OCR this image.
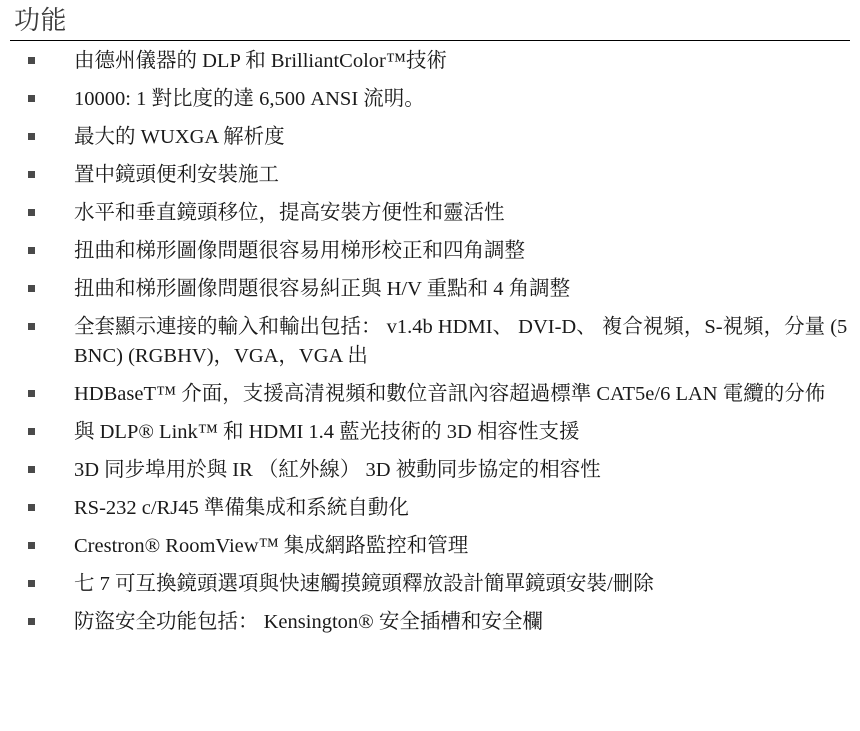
功能
由德州儀器的 DLP 和 BrilliantColor™技術
10000: 1 對比度的達 6,500 ANSI 流明。
最大的 WUXGA 解析度
置中鏡頭便利安裝施工
水平和垂直鏡頭移位，提高安裝方便性和靈活性
扭曲和梯形圖像問題很容易用梯形校正和四角調整
扭曲和梯形圖像問題很容易糾正與 H/V 重點和 4 角調整
全套顯示連接的輸入和輸出包括： v1.4b HDMI、 DVI-D、 複合視頻，S-視頻，分量 (5 BNC) (RGBHV)，VGA，VGA 出
HDBaseT™ 介面，支援高清視頻和數位音訊內容超過標準 CAT5e/6 LAN 電纜的分佈
與 DLP® Link™ 和 HDMI 1.4 藍光技術的 3D 相容性支援
3D 同步埠用於與 IR （紅外線） 3D 被動同步協定的相容性
RS-232 c/RJ45 準備集成和系統自動化
Crestron® RoomView™ 集成網路監控和管理
七 7 可互換鏡頭選項與快速觸摸鏡頭釋放設計簡單鏡頭安裝/刪除
防盜安全功能包括： Kensington® 安全插槽和安全欄
